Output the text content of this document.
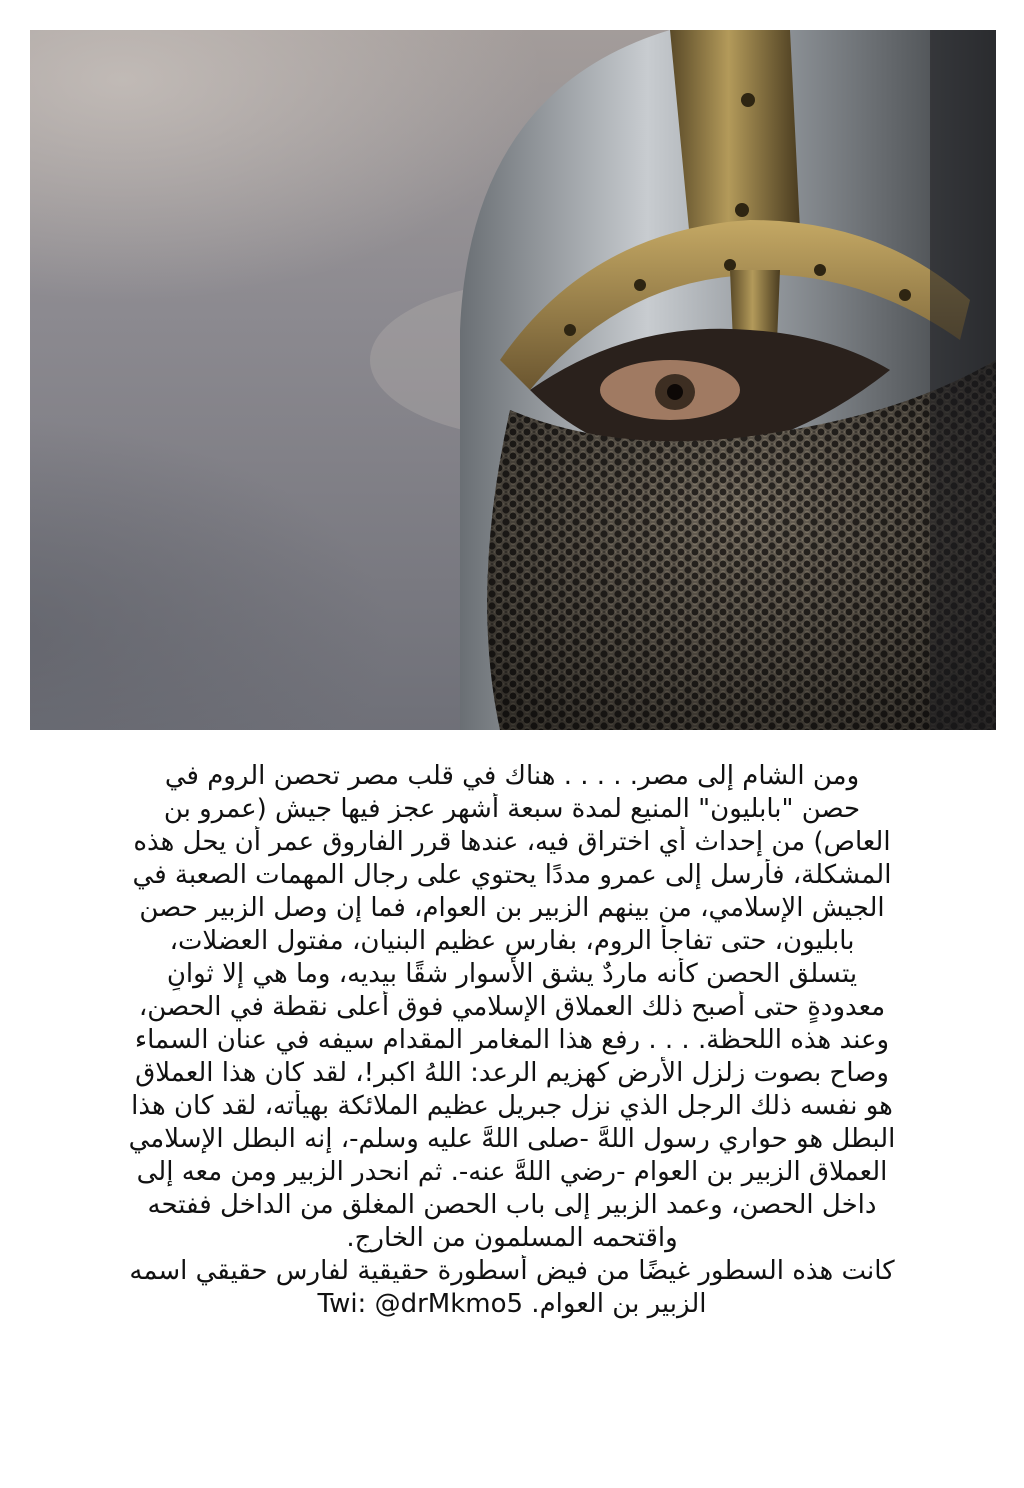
ومن الشام إلى مصر. . . . . هناك في قلب مصر تحصن الروم في
حصن "بابليون" المنيع لمدة سبعة أشهر عجز فيها جيش (عمرو بن
العاص) من إحداث أي اختراق فيه، عندها قرر الفاروق عمر أن يحل هذه
المشكلة، فأرسل إلى عمرو مددًا يحتوي على رجال المهمات الصعبة في
الجيش الإسلامي، من بينهم الزبير بن العوام، فما إن وصل الزبير حصن
بابليون، حتى تفاجأ الروم، بفارسٍ عظيم البنيان، مفتول العضلات،
يتسلق الحصن كأنه ماردٌ يشق الأسوار شقًا بيديه، وما هي إلا ثوانٍ
معدودةٍ حتى أصبح ذلك العملاق الإسلامي فوق أعلى نقطة في الحصن،
وعند هذه اللحظة. . . . رفع هذا المغامر المقدام سيفه في عنان السماء
وصاح بصوت زلزل الأرض كهزيم الرعد: اللهُ اكبر!، لقد كان هذا العملاق
هو نفسه ذلك الرجل الذي نزل جبريل عظيم الملائكة بهيأته، لقد كان هذا
البطل هو حواري رسول اللهَّ -صلى اللهَّ عليه وسلم-، إنه البطل الإسلامي
العملاق الزبير بن العوام -رضي اللهَّ عنه-. ثم انحدر الزبير ومن معه إلى
داخل الحصن، وعمد الزبير إلى باب الحصن المغلق من الداخل ففتحه
واقتحمه المسلمون من الخارج.
كانت هذه السطور غيضًا من فيض أسطورة حقيقية لفارس حقيقي اسمه
الزبير بن العوام. Twi: @drMkmo5
